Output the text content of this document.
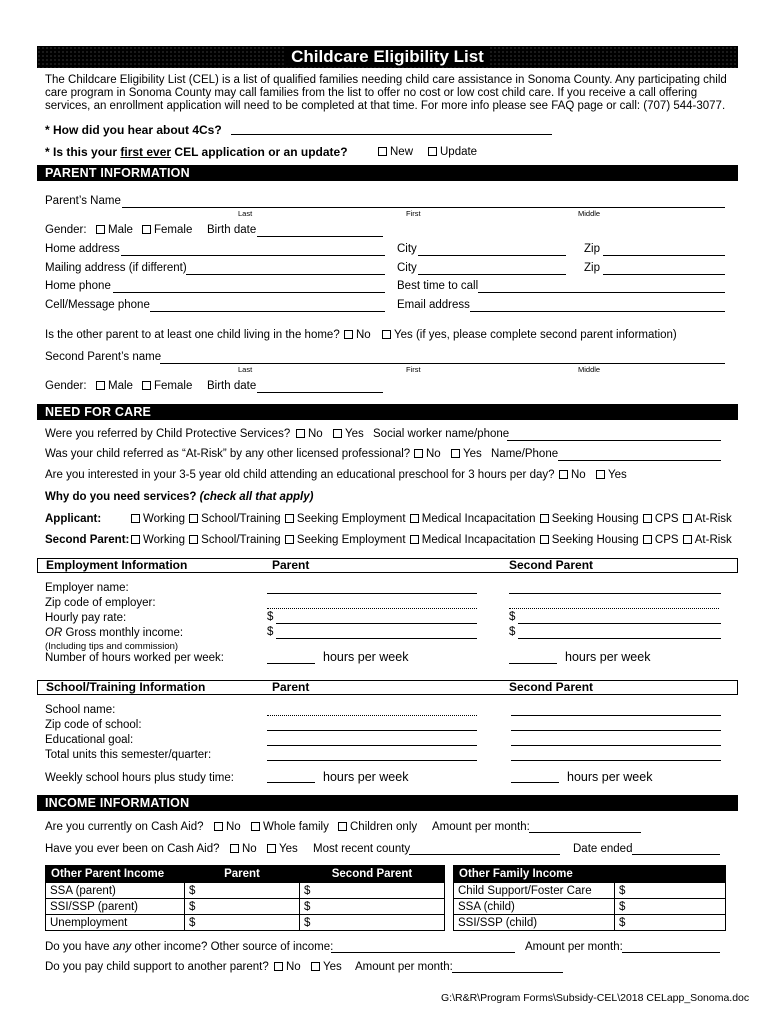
Childcare Eligibility List
The Childcare Eligibility List (CEL) is a list of qualified families needing child care assistance in Sonoma County. Any participating child
care program in Sonoma County may call families from the list to offer no cost or low cost child care. If you receive a call offering
services, an enrollment application will need to be completed at that time. For more info please see FAQ page or call: (707) 544-3077.
* How did you hear about 4Cs?
* Is this your first ever CEL application or an update?	New	Update
PARENT INFORMATION
Parent’s Name
Last	First	Middle
Gender:	Male	Female Birth date
Home address	City	Zip
Mailing address (if different)	City	Zip
Home phone	Best time to call
Cell/Message phone	Email address
Is the other parent to at least one child living in the home?	No	Yes (if yes, please complete second parent information)
Second Parent’s name
Last	First	Middle
Gender:	Male	Female Birth date
NEED FOR CARE
Were you referred by Child Protective Services?	No	Yes Social worker name/phone
Was your child referred as “At-Risk” by any other licensed professional?	No	Yes Name/Phone
Are you interested in your 3-5 year old child attending an educational preschool for 3 hours per day?	No	Yes
Why do you need services? (check all that apply)
Applicant:	Working School/Training Seeking Employment Medical Incapacitation Seeking Housing CPS At-Risk
Second Parent:	Working School/Training Seeking Employment Medical Incapacitation Seeking Housing CPS At-Risk
Employment Information	Parent	Second Parent
Employer name:
Zip code of employer:
Hourly pay rate:	$	$
OR Gross monthly income:	$	$
(Including tips and commission)
Number of hours worked per week:	hours per week	hours per week
School/Training Information	Parent	Second Parent
School name:
Zip code of school:
Educational goal:
Total units this semester/quarter:
Weekly school hours plus study time:	hours per week	hours per week
INCOME INFORMATION
Are you currently on Cash Aid?	No	Whole family	Children only Amount per month:
Have you ever been on Cash Aid?	No	Yes Most recent county	Date ended
Other Parent Income	Parent	Second Parent
SSA (parent)	$	$
SSI/SSP (parent)	$	$
Unemployment	$	$
Other Family Income	
Child Support/Foster Care	$
SSA (child)	$
SSI/SSP (child)	$
Do you have any other income? Other source of income:	Amount per month:
Do you pay child support to another parent?	No	Yes Amount per month:
G:\R&R\Program Forms\Subsidy-CEL\2018 CELapp_Sonoma.doc
